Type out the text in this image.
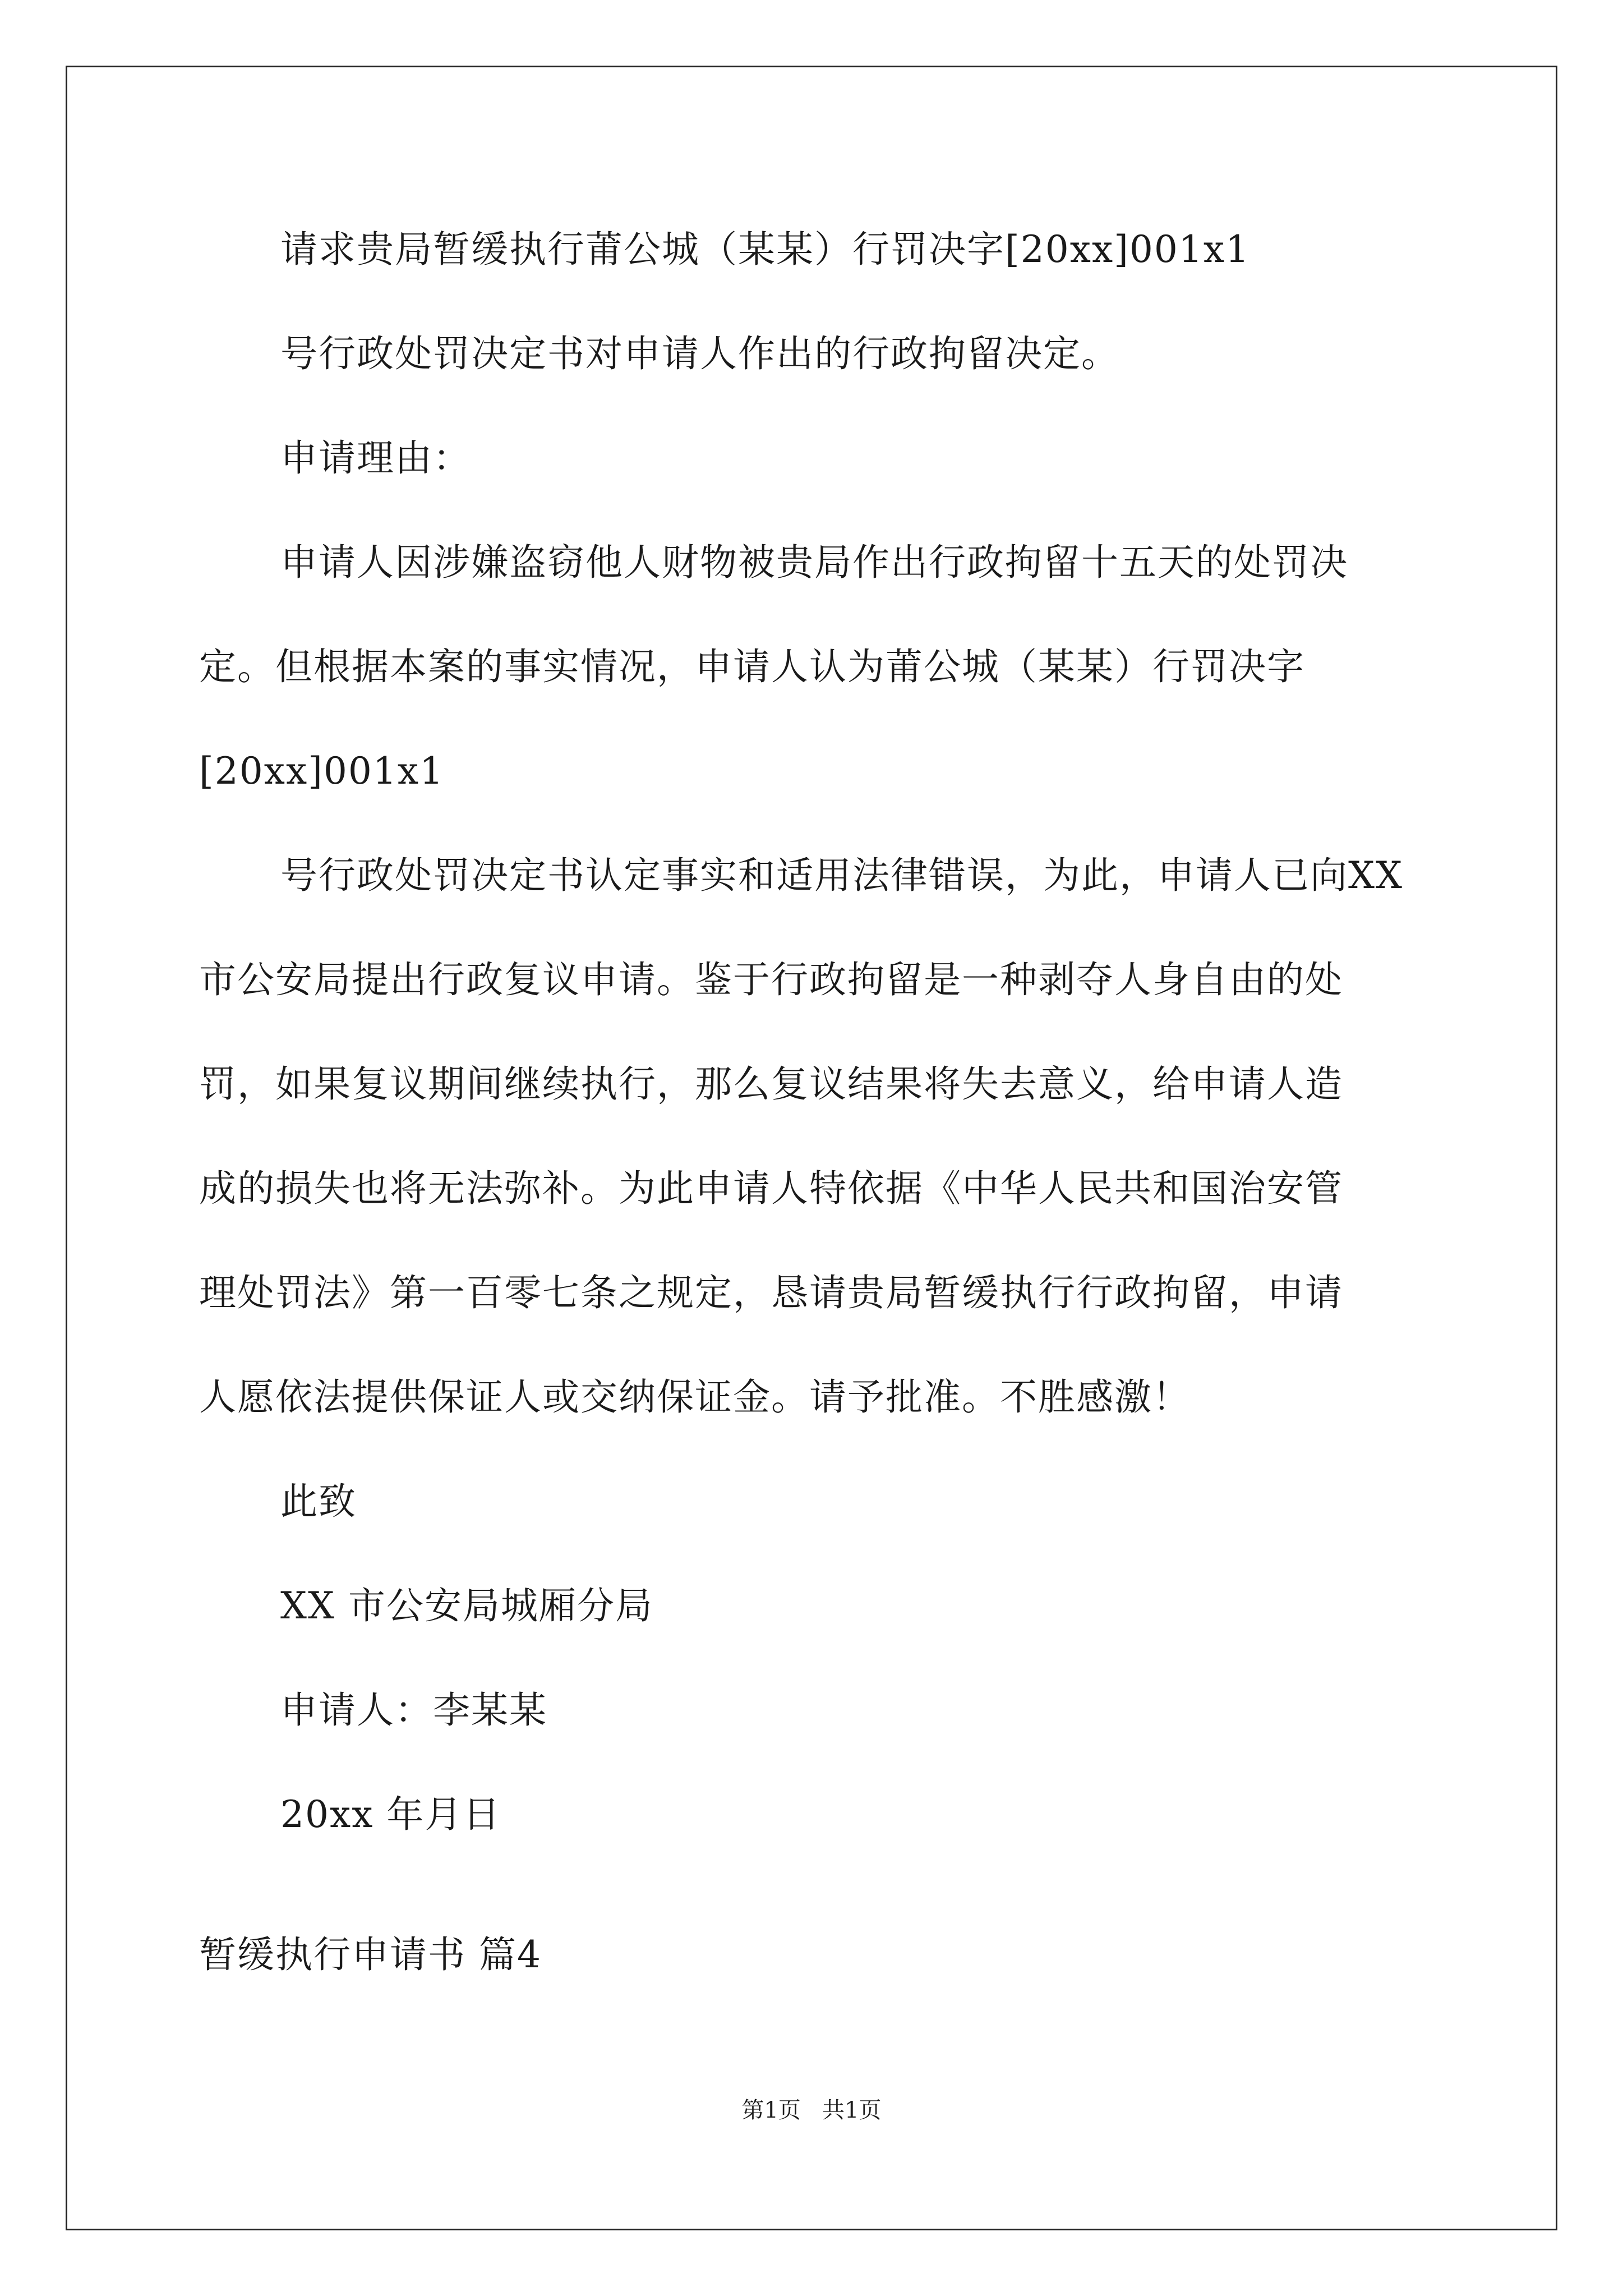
请求贵局暂缓执行莆公城（某某）行罚决字[20xx]001x1
号行政处罚决定书对申请人作出的行政拘留决定。
申请理由：
申请人因涉嫌盗窃他人财物被贵局作出行政拘留十五天的处罚决
定。但根据本案的事实情况，申请人认为莆公城（某某）行罚决字
[20xx]001x1
号行政处罚决定书认定事实和适用法律错误，为此，申请人已向XX
市公安局提出行政复议申请。鉴于行政拘留是一种剥夺人身自由的处
罚，如果复议期间继续执行，那么复议结果将失去意义，给申请人造
成的损失也将无法弥补。为此申请人特依据《中华人民共和国治安管
理处罚法》第一百零七条之规定，恳请贵局暂缓执行行政拘留，申请
人愿依法提供保证人或交纳保证金。请予批准。不胜感激！
此致
XX 市公安局城厢分局
申请人：李某某
20xx 年月日
暂缓执行申请书 篇4
第1页   共1页
